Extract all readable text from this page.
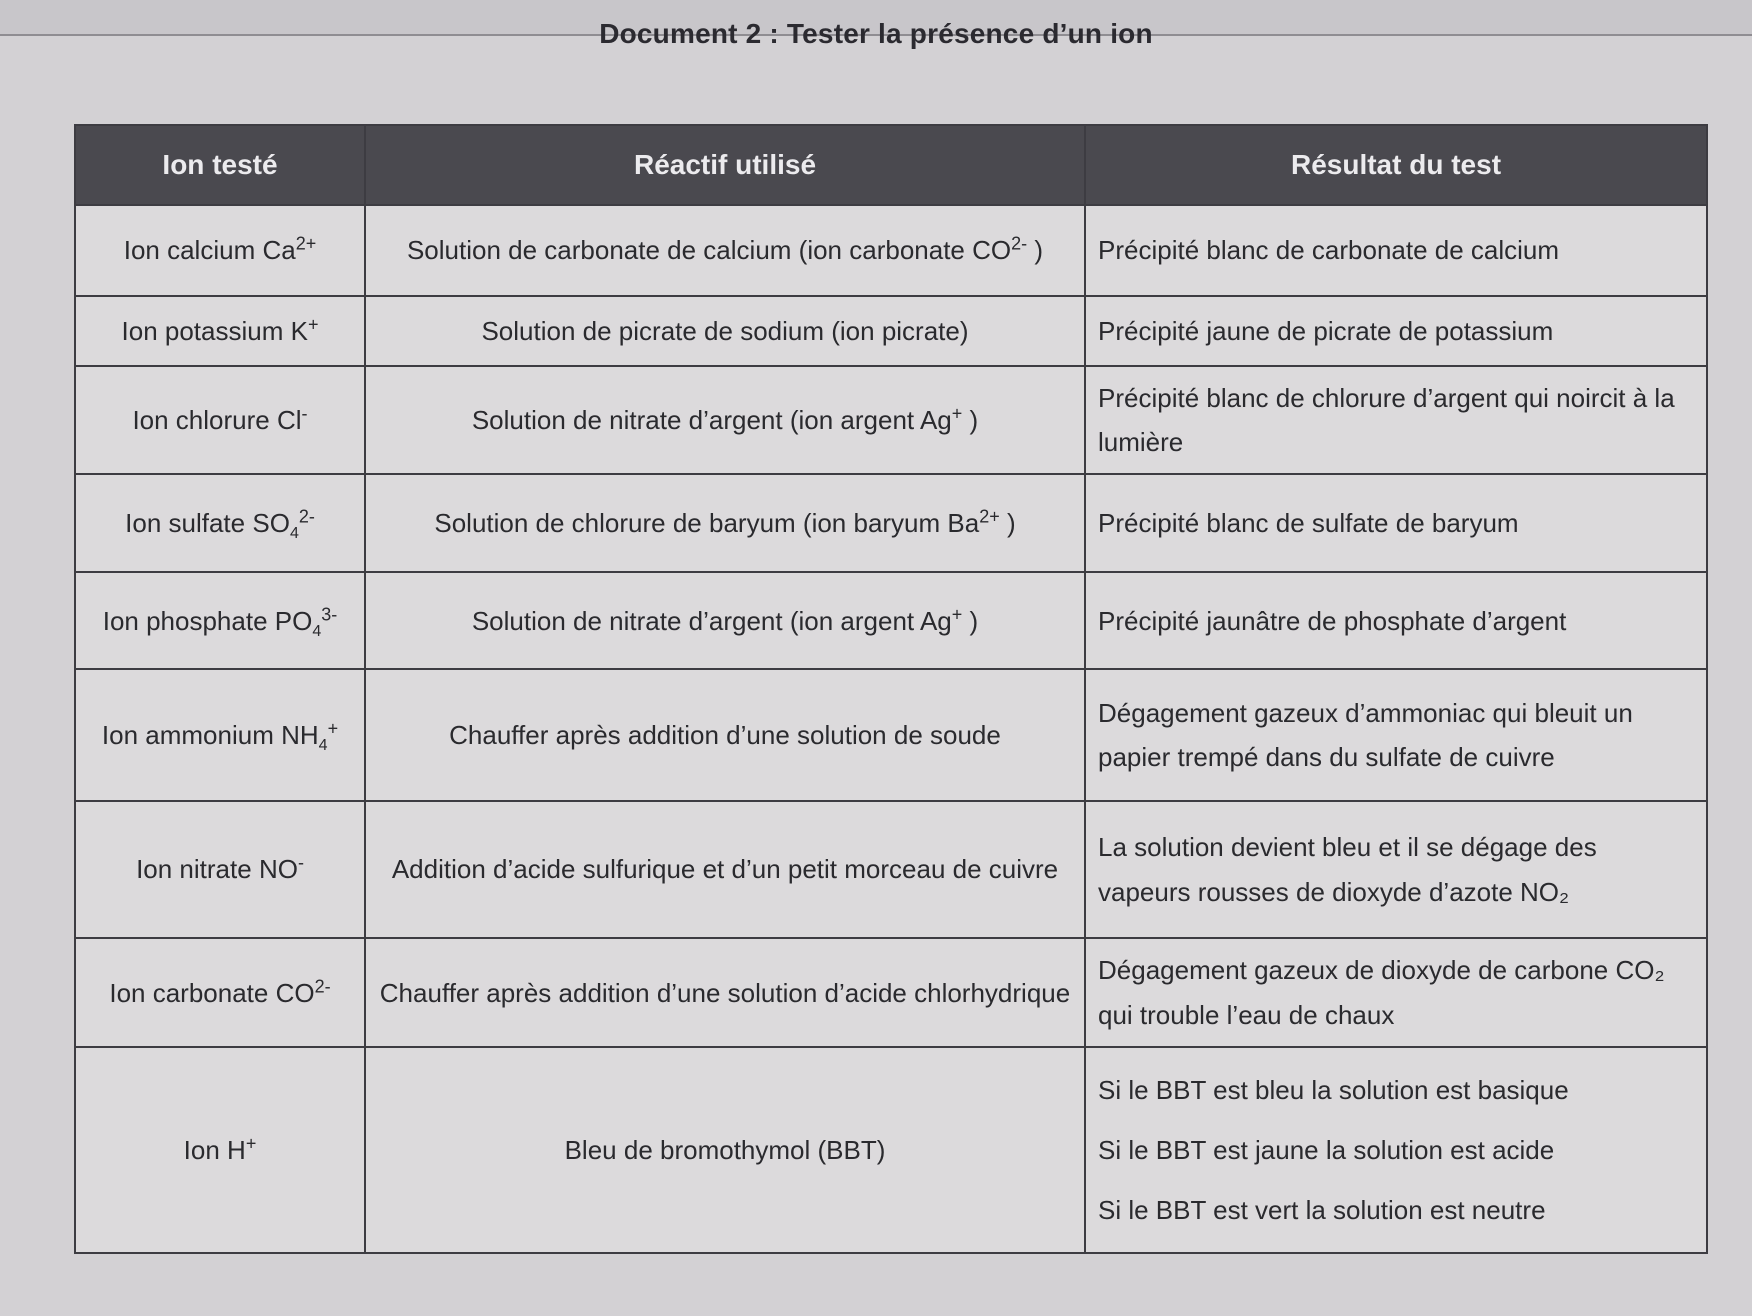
Document 2 : Tester la présence d’un ion
Ion testé	Réactif utilisé	Résultat du test
Ion calcium $Ca^{2+}$	Solution de carbonate de calcium (ion carbonate $CO^{2-}$ )	Précipité blanc de carbonate de calcium
Ion potassium K+	Solution de picrate de sodium (ion picrate)	Précipité jaune de picrate de potassium
Ion chlorure Cl-	Solution de nitrate d’argent (ion argent Ag+ )	Précipité blanc de chlorure d’argent qui noircit à la lumière
Ion sulfate $SO_4^{2-}$	Solution de chlorure de baryum (ion baryum $Ba^{2+}$ )	Précipité blanc de sulfate de baryum
Ion phosphate $PO_4^{3-}$	Solution de nitrate d’argent (ion argent Ag+ )	Précipité jaunâtre de phosphate d’argent
Ion ammonium $NH_4^+$	Chauffer après addition d’une solution de soude	Dégagement gazeux d’ammoniac qui bleuit un papier trempé dans du sulfate de cuivre
Ion nitrate NO-	Addition d’acide sulfurique et d’un petit morceau de cuivre	La solution devient bleu et il se dégage des vapeurs rousses de dioxyde d’azote NO₂
Ion carbonate $CO^{2-}$	Chauffer après addition d’une solution d’acide chlorhydrique	Dégagement gazeux de dioxyde de carbone CO₂ qui trouble l’eau de chaux
Ion H+	Bleu de bromothymol (BBT)	Si le BBT est bleu la solution est basique
Si le BBT est jaune la solution est acide
Si le BBT est vert la solution est neutre
